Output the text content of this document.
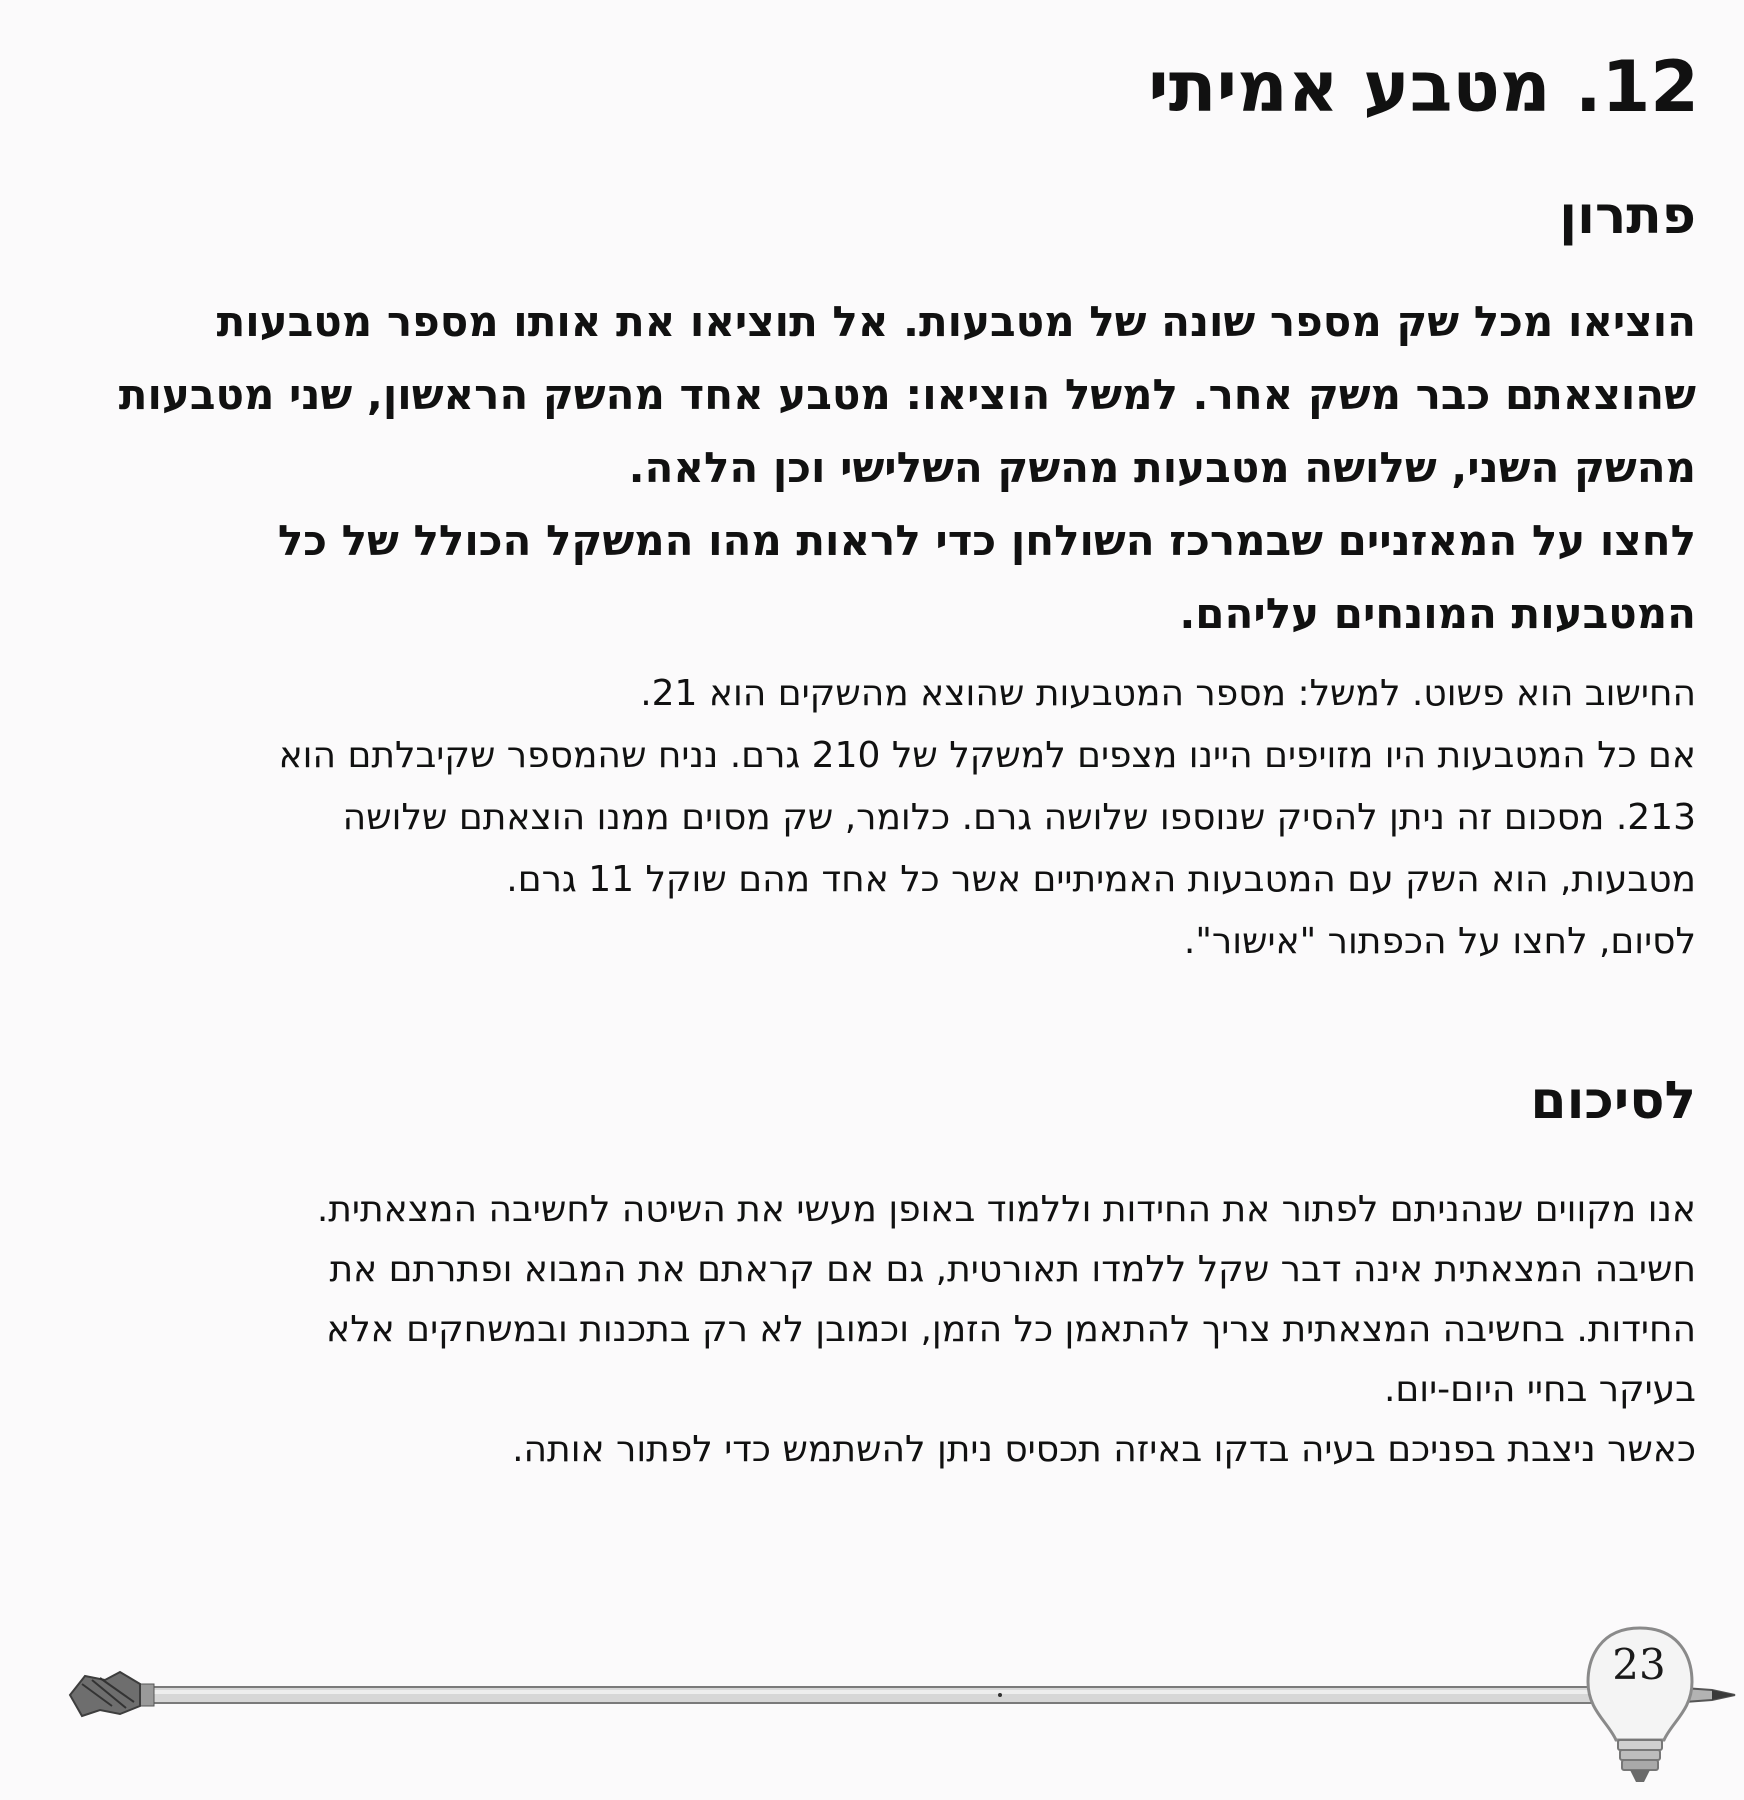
12. מטבע אמיתי
פתרון
הוציאו מכל שק מספר שונה של מטבעות. אל תוציאו את אותו מספר מטבעות
שהוצאתם כבר משק אחר. למשל הוציאו: מטבע אחד מהשק הראשון, שני מטבעות
מהשק השני, שלושה מטבעות מהשק השלישי וכן הלאה.
לחצו על המאזניים שבמרכז השולחן כדי לראות מהו המשקל הכולל של כל
המטבעות המונחים עליהם.
החישוב הוא פשוט. למשל: מספר המטבעות שהוצא מהשקים הוא 21.
אם כל המטבעות היו מזויפים היינו מצפים למשקל של 210 גרם. נניח שהמספר שקיבלתם הוא
213. מסכום זה ניתן להסיק שנוספו שלושה גרם. כלומר, שק מסוים ממנו הוצאתם שלושה
מטבעות, הוא השק עם המטבעות האמיתיים אשר כל אחד מהם שוקל 11 גרם.
לסיום, לחצו על הכפתור "אישור".
לסיכום
אנו מקווים שנהניתם לפתור את החידות וללמוד באופן מעשי את השיטה לחשיבה המצאתית.
חשיבה המצאתית אינה דבר שקל ללמדו תאורטית, גם אם קראתם את המבוא ופתרתם את
החידות. בחשיבה המצאתית צריך להתאמן כל הזמן, וכמובן לא רק בתכנות ובמשחקים אלא
בעיקר בחיי היום-יום.
כאשר ניצבת בפניכם בעיה בדקו באיזה תכסיס ניתן להשתמש כדי לפתור אותה.
23
